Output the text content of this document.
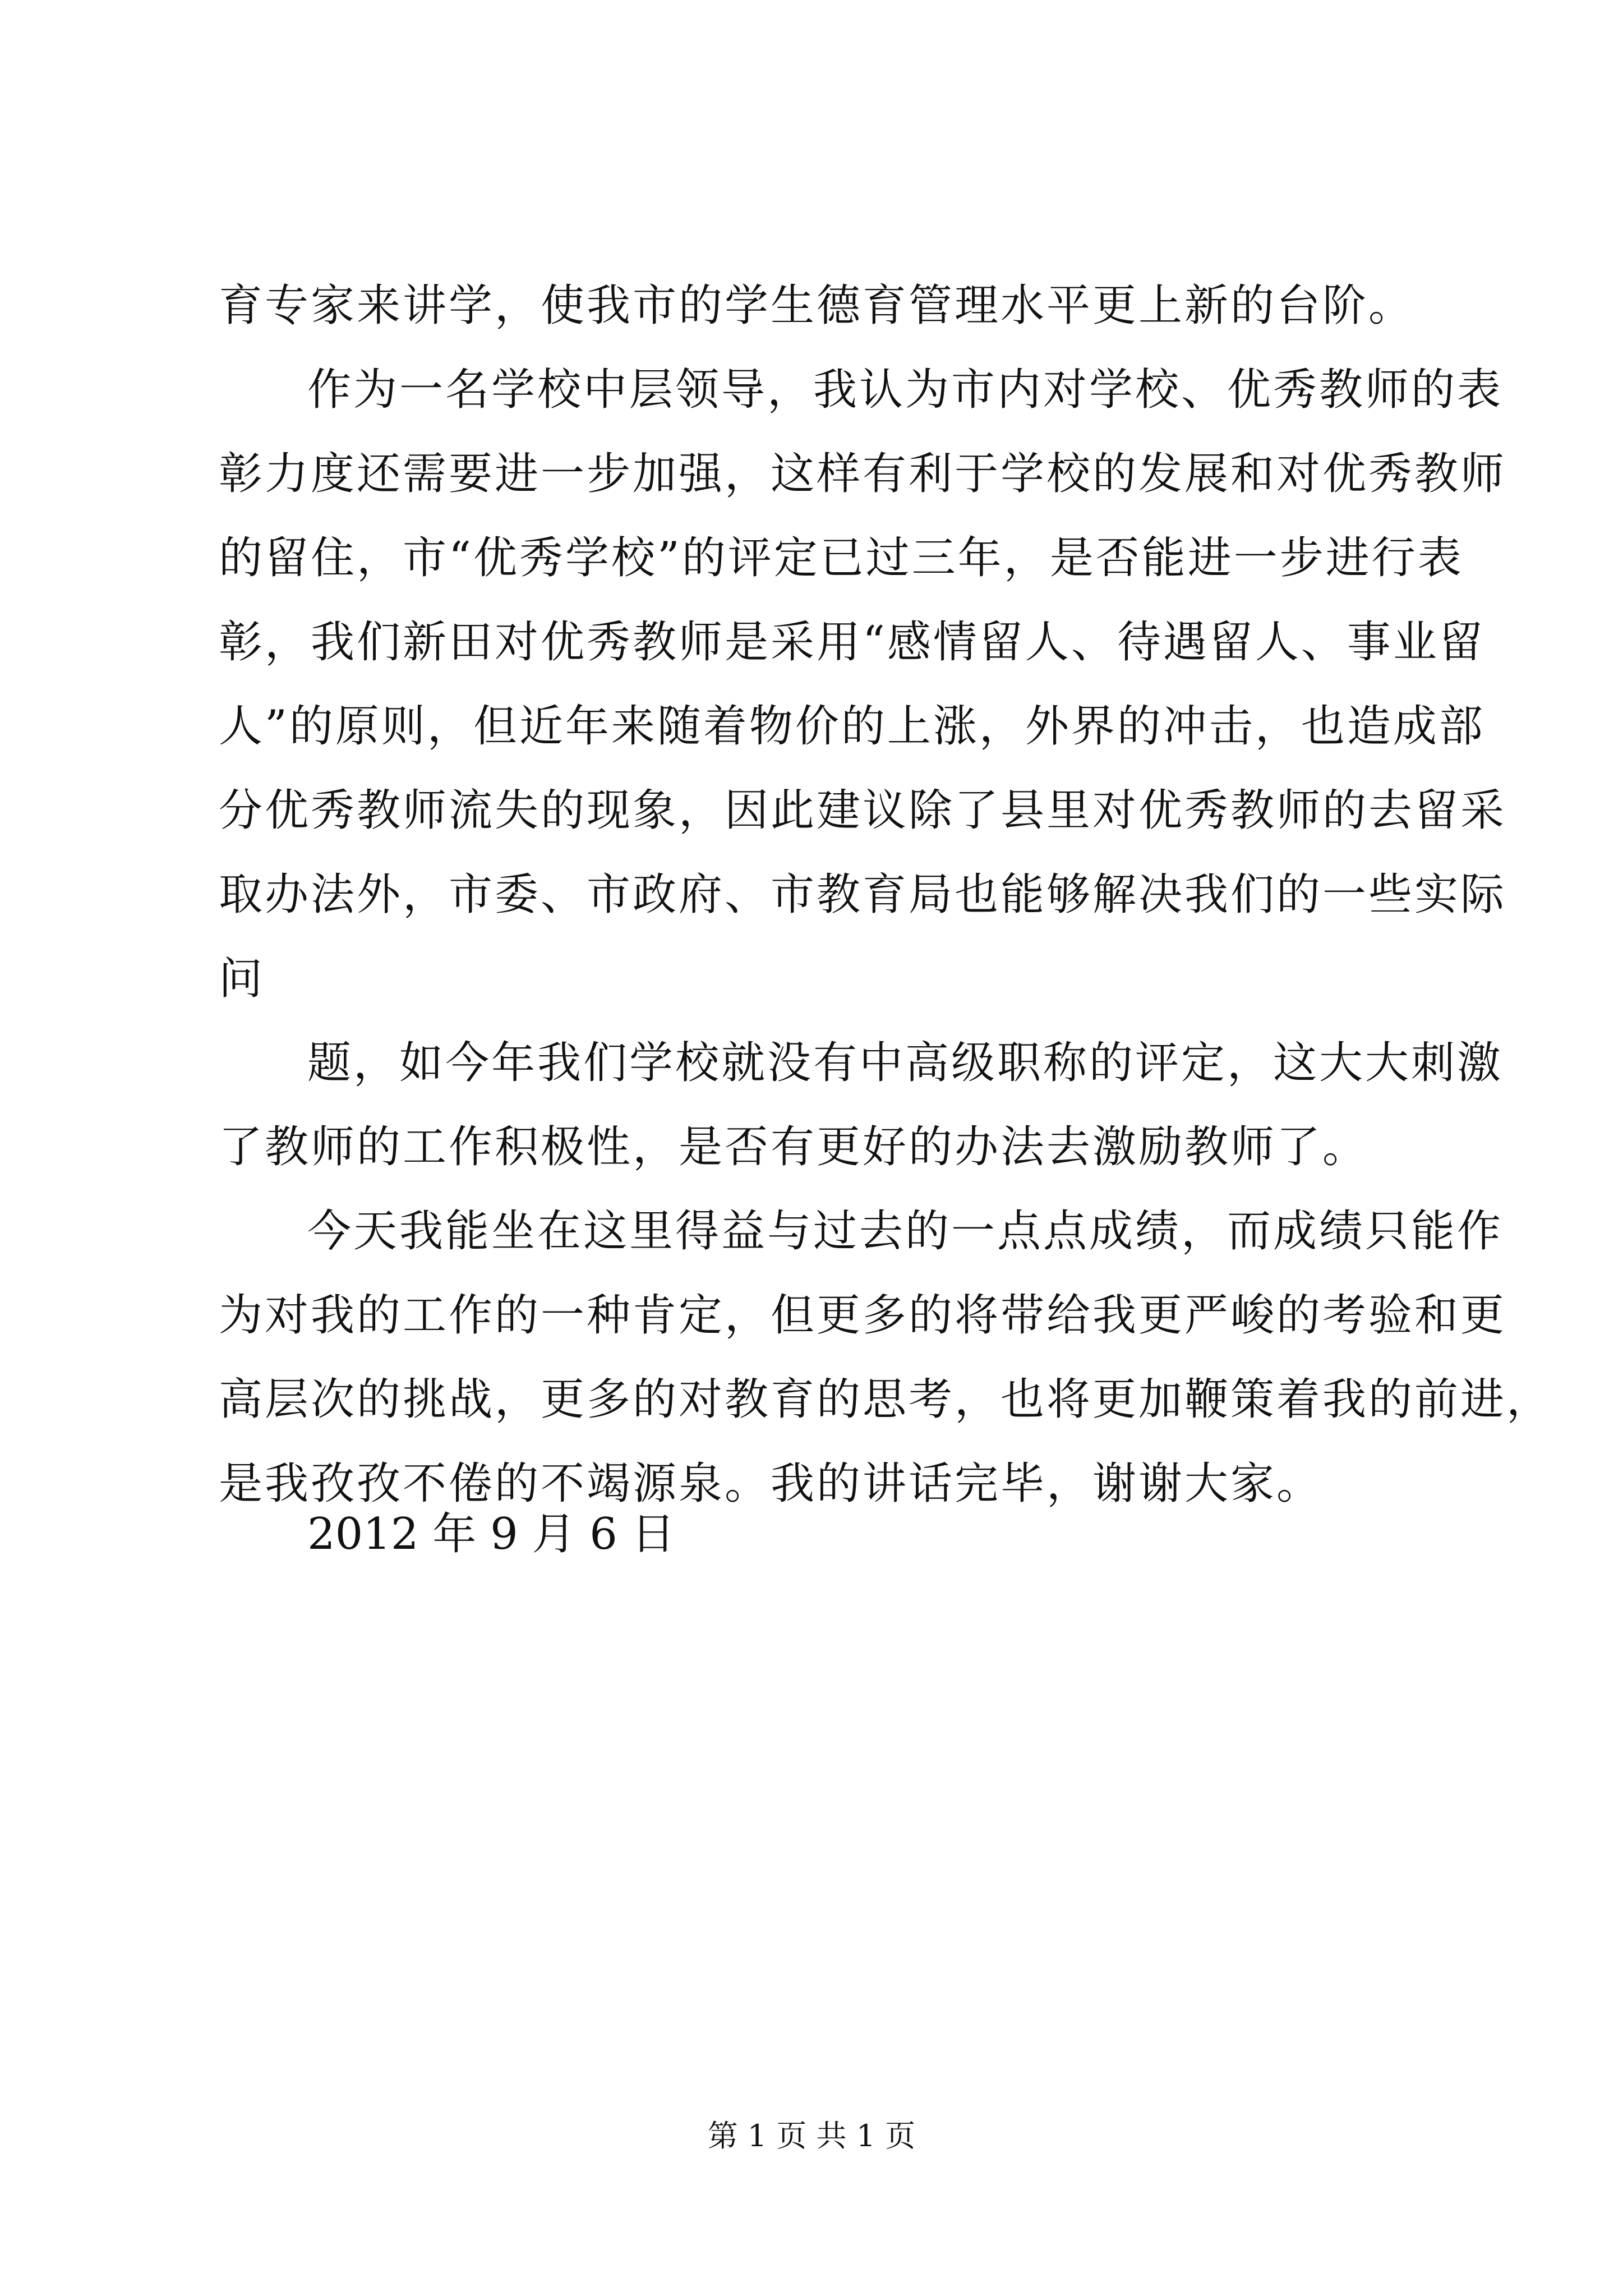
育专家来讲学，使我市的学生德育管理水平更上新的台阶。
作为一名学校中层领导，我认为市内对学校、优秀教师的表
彰力度还需要进一步加强，这样有利于学校的发展和对优秀教师
的留住，市“优秀学校”的评定已过三年，是否能进一步进行表
彰，我们新田对优秀教师是采用“感情留人、待遇留人、事业留
人”的原则，但近年来随着物价的上涨，外界的冲击，也造成部
分优秀教师流失的现象，因此建议除了县里对优秀教师的去留采
取办法外，市委、市政府、市教育局也能够解决我们的一些实际
问
题，如今年我们学校就没有中高级职称的评定，这大大刺激
了教师的工作积极性，是否有更好的办法去激励教师了。
今天我能坐在这里得益与过去的一点点成绩，而成绩只能作
为对我的工作的一种肯定，但更多的将带给我更严峻的考验和更
高层次的挑战，更多的对教育的思考，也将更加鞭策着我的前进，
是我孜孜不倦的不竭源泉。我的讲话完毕，谢谢大家。
2012 年 9 月 6 日
第 1 页 共 1 页
